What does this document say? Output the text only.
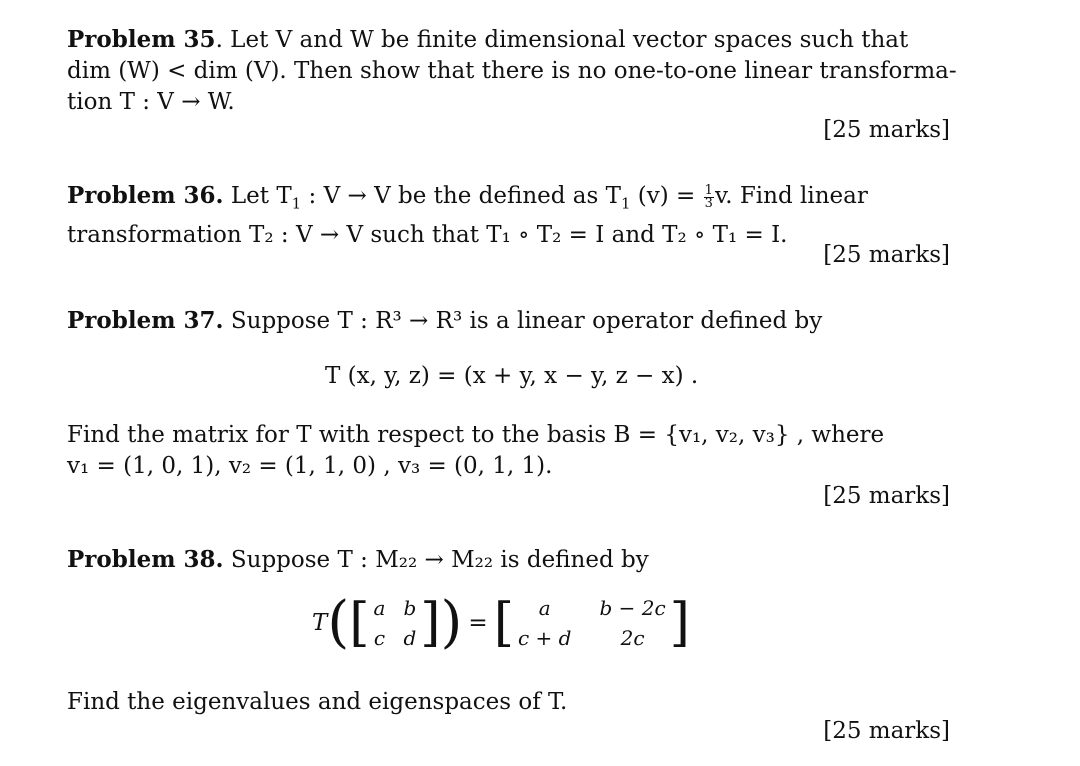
Problem 35. Let V and W be finite dimensional vector spaces such that
dim (W) < dim (V). Then show that there is no one-to-one linear transforma-
tion T : V → W.
[25 marks]
Problem 36. Let $T_1$ : V → V be the defined as $T_1$ $(v) = \frac{1}{3} v$. Find linear
transformation T₂ : V → V such that T₁ ∘ T₂ = I and T₂ ∘ T₁ = I.
[25 marks]
Problem 37. Suppose T : R³ → R³ is a linear operator defined by
T (x, y, z) = (x + y, x − y, z − x) .
Find the matrix for T with respect to the basis B = {v₁, v₂, v₃} , where
v₁ = (1, 0, 1), v₂ = (1, 1, 0) , v₃ = (0, 1, 1).
[25 marks]
Problem 38. Suppose T : M₂₂ → M₂₂ is defined by
T ( [ a b
c d ] ) = [	a	b − 2c
c + d	2c ]
Find the eigenvalues and eigenspaces of T.
[25 marks]
